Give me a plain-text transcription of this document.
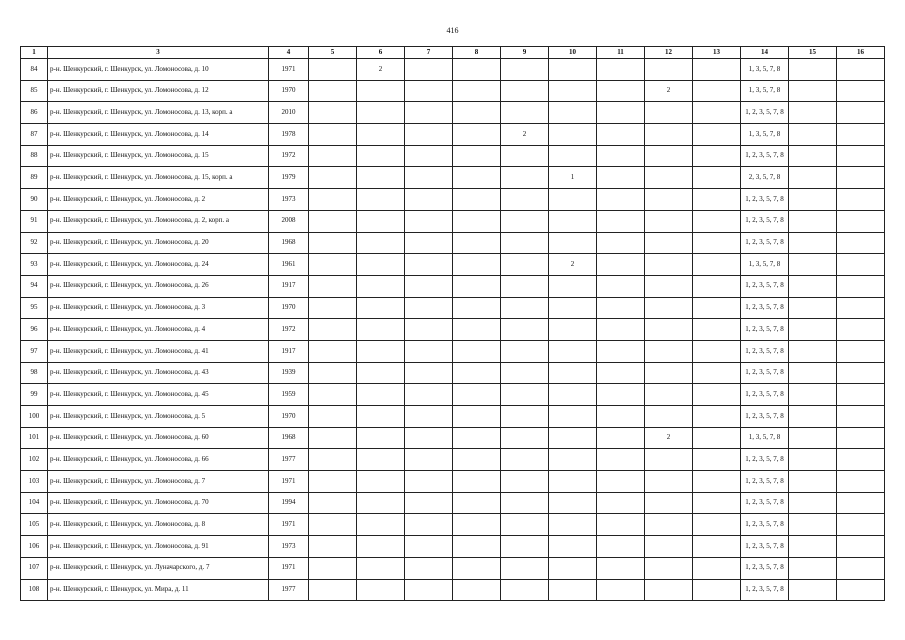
416
1	3	4	5	6	7	8	9	10	11	12	13	14	15	16
84	р-н. Шенкурский, г. Шенкурск, ул. Ломоносова, д. 10	1971		2								1, 3, 5, 7, 8		
85	р-н. Шенкурский, г. Шенкурск, ул. Ломоносова, д. 12	1970								2		1, 3, 5, 7, 8		
86	р-н. Шенкурский, г. Шенкурск, ул. Ломоносова, д. 13, корп. а	2010										1, 2, 3, 5, 7, 8		
87	р-н. Шенкурский, г. Шенкурск, ул. Ломоносова, д. 14	1978					2					1, 3, 5, 7, 8		
88	р-н. Шенкурский, г. Шенкурск, ул. Ломоносова, д. 15	1972										1, 2, 3, 5, 7, 8		
89	р-н. Шенкурский, г. Шенкурск, ул. Ломоносова, д. 15, корп. а	1979						1				2, 3, 5, 7, 8		
90	р-н. Шенкурский, г. Шенкурск, ул. Ломоносова, д. 2	1973										1, 2, 3, 5, 7, 8		
91	р-н. Шенкурский, г. Шенкурск, ул. Ломоносова, д. 2, корп. а	2008										1, 2, 3, 5, 7, 8		
92	р-н. Шенкурский, г. Шенкурск, ул. Ломоносова, д. 20	1968										1, 2, 3, 5, 7, 8		
93	р-н. Шенкурский, г. Шенкурск, ул. Ломоносова, д. 24	1961						2				1, 3, 5, 7, 8		
94	р-н. Шенкурский, г. Шенкурск, ул. Ломоносова, д. 26	1917										1, 2, 3, 5, 7, 8		
95	р-н. Шенкурский, г. Шенкурск, ул. Ломоносова, д. 3	1970										1, 2, 3, 5, 7, 8		
96	р-н. Шенкурский, г. Шенкурск, ул. Ломоносова, д. 4	1972										1, 2, 3, 5, 7, 8		
97	р-н. Шенкурский, г. Шенкурск, ул. Ломоносова, д. 41	1917										1, 2, 3, 5, 7, 8		
98	р-н. Шенкурский, г. Шенкурск, ул. Ломоносова, д. 43	1939										1, 2, 3, 5, 7, 8		
99	р-н. Шенкурский, г. Шенкурск, ул. Ломоносова, д. 45	1959										1, 2, 3, 5, 7, 8		
100	р-н. Шенкурский, г. Шенкурск, ул. Ломоносова, д. 5	1970										1, 2, 3, 5, 7, 8		
101	р-н. Шенкурский, г. Шенкурск, ул. Ломоносова, д. 60	1968								2		1, 3, 5, 7, 8		
102	р-н. Шенкурский, г. Шенкурск, ул. Ломоносова, д. 66	1977										1, 2, 3, 5, 7, 8		
103	р-н. Шенкурский, г. Шенкурск, ул. Ломоносова, д. 7	1971										1, 2, 3, 5, 7, 8		
104	р-н. Шенкурский, г. Шенкурск, ул. Ломоносова, д. 70	1994										1, 2, 3, 5, 7, 8		
105	р-н. Шенкурский, г. Шенкурск, ул. Ломоносова, д. 8	1971										1, 2, 3, 5, 7, 8		
106	р-н. Шенкурский, г. Шенкурск, ул. Ломоносова, д. 91	1973										1, 2, 3, 5, 7, 8		
107	р-н. Шенкурский, г. Шенкурск, ул. Луначарского, д. 7	1971										1, 2, 3, 5, 7, 8		
108	р-н. Шенкурский, г. Шенкурск, ул. Мира, д. 11	1977										1, 2, 3, 5, 7, 8		
